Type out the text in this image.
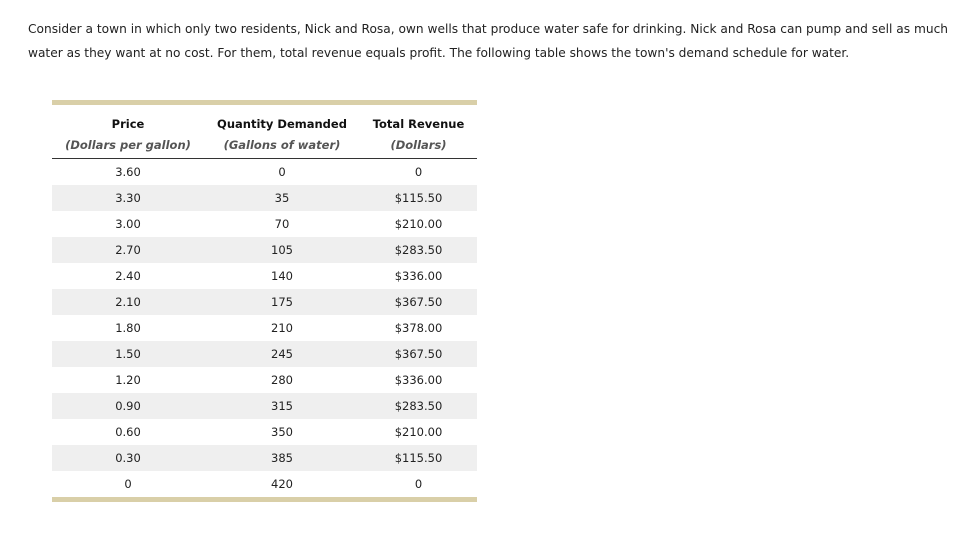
Consider a town in which only two residents, Nick and Rosa, own wells that produce water safe for drinking. Nick and Rosa can pump and sell as much water as they want at no cost. For them, total revenue equals profit. The following table shows the town's demand schedule for water.

Price	Quantity Demanded	Total Revenue
(Dollars per gallon)	(Gallons of water)	(Dollars)
3.60	0	0
3.30	35	$115.50
3.00	70	$210.00
2.70	105	$283.50
2.40	140	$336.00
2.10	175	$367.50
1.80	210	$378.00
1.50	245	$367.50
1.20	280	$336.00
0.90	315	$283.50
0.60	350	$210.00
0.30	385	$115.50
0	420	0
